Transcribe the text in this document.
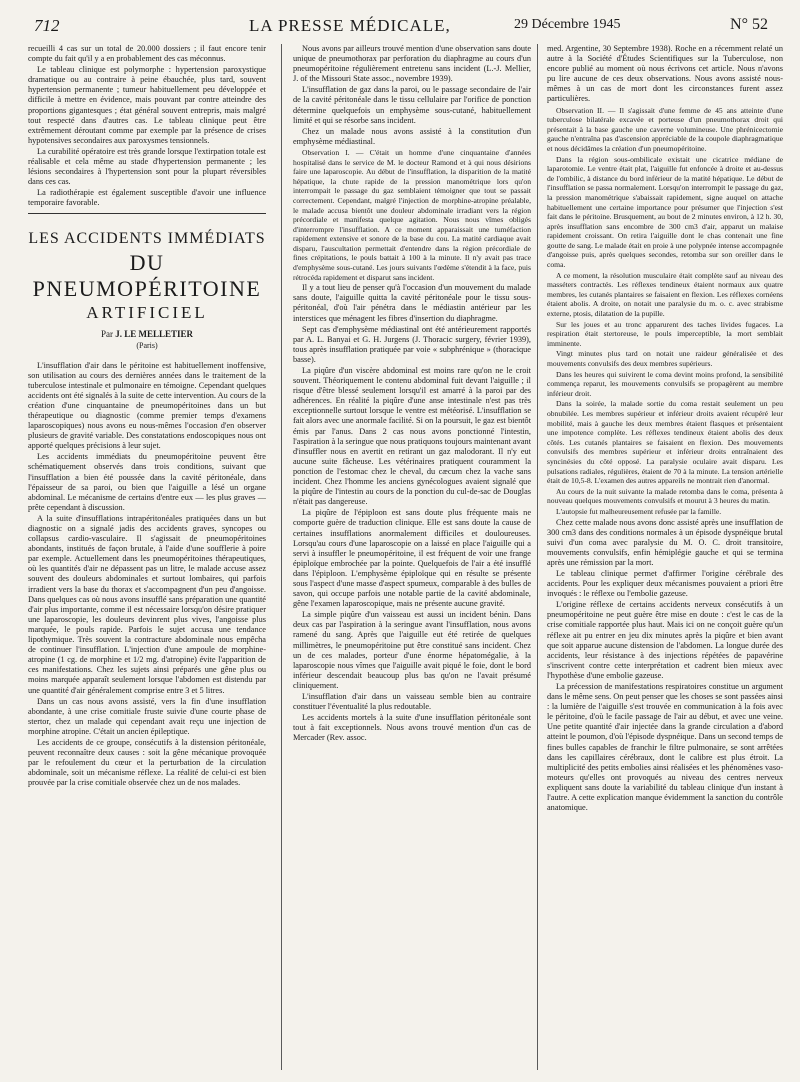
712	LA PRESSE MÉDICALE,	29 Décembre 1945	N° 52

recueilli 4 cas sur un total de 20.000 dossiers ; il faut encore tenir compte du fait qu'il y a en probablement des cas méconnus.

Le tableau clinique est polymorphe : hypertension paroxystique dramatique ou au contraire à peine ébauchée, plus tard, souvent hypertension permanente ; tumeur habituellement peu développée et difficile à mettre en évidence, mais pouvant par contre atteindre des proportions gigantesques ; état général souvent entrepris, mais malgré tout respecté dans d'autres cas. Le tableau clinique peut être extrêmement déroutant comme par exemple par la présence de crises hypotensives secondaires aux paroxysmes tensionnels.

La curabilité opératoire est très grande lorsque l'extirpation totale est réalisable et cela même au stade d'hypertension permanente ; les lésions secondaires à l'hypertension sont pour la plupart réversibles dans ces cas.

La radiothérapie est également susceptible d'avoir une influence temporaire favorable.

LES ACCIDENTS IMMÉDIATS
DU PNEUMOPÉRITOINE
ARTIFICIEL
Par J. LE MELLETIER
(Paris)

L'insufflation d'air dans le péritoine est habituellement inoffensive, son utilisation au cours des dernières années dans le traitement de la tuberculose intestinale et pulmonaire en témoigne. Cependant quelques accidents ont été signalés à la suite de cette intervention. Au cours de la création d'une cinquantaine de pneumopéritoines dans un but thérapeutique ou diagnostic (comme premier temps d'examens laparoscopiques) nous avons eu nous-mêmes l'occasion d'en observer plusieurs de gravité variable. Des constatations endoscopiques nous ont apporté quelques précisions à leur sujet.

Les accidents immédiats du pneumopéritoine peuvent être schématiquement observés dans trois conditions, suivant que l'insufflation a bien été poussée dans la cavité péritonéale, dans l'épaisseur de sa paroi, ou bien que l'aiguille a lésé un organe abdominal. Le mécanisme de certains d'entre eux — les plus graves — prête cependant à discussion.

A la suite d'insufflations intrapéritonéales pratiquées dans un but diagnostic on a signalé jadis des accidents graves, syncopes ou collapsus cardio-vasculaire. Il s'agissait de pneumopéritoines abondants, institués de façon brutale, à l'aide d'une soufflerie à poire par exemple. Actuellement dans les pneumopéritoines thérapeutiques, où les quantités d'air ne dépassent pas un litre, le malade accuse assez souvent des douleurs abdominales et surtout lombaires, qui parfois irradient vers la base du thorax et s'accompagnent d'un peu d'angoisse. Dans quelques cas où nous avons insufflé sans préparation une quantité d'air plus importante, comme il est nécessaire lorsqu'on désire pratiquer une laparoscopie, les douleurs devinrent plus vives, l'angoisse plus marquée, le pouls rapide. Parfois le sujet accusa une tendance lipothymique. Très souvent la contracture abdominale nous empêcha de continuer l'insufflation. L'injection d'une ampoule de morphine-atropine (1 cg. de morphine et 1/2 mg. d'atropine) évite l'apparition de ces manifestations. Chez les sujets ainsi préparés une gêne plus ou moins marquée apparaît seulement lorsque l'abdomen est distendu par une quantité d'air généralement comprise entre 3 et 5 litres.

Dans un cas nous avons assisté, vers la fin d'une insufflation abondante, à une crise comitiale fruste suivie d'une courte phase de stertor, chez un malade qui cependant avait reçu une injection de morphine atropine. C'était un ancien épileptique.

Les accidents de ce groupe, consécutifs à la distension péritonéale, peuvent reconnaître deux causes : soit la gêne mécanique provoquée par le refoulement du cœur et la perturbation de la circulation abdominale, soit un mécanisme réflexe. La réalité de celui-ci est bien prouvée par la crise comitiale observée chez un de nos malades.

Nous avons par ailleurs trouvé mention d'une observation sans doute unique de pneumothorax par perforation du diaphragme au cours d'un pneumopéritoine régulièrement entretenu sans incident (L.-J. Mellier, J. of the Missouri State assoc., novembre 1939).

L'insufflation de gaz dans la paroi, ou le passage secondaire de l'air de la cavité péritonéale dans le tissu cellulaire par l'orifice de ponction détermine quelquefois un emphysème sous-cutané, habituellement limité et qui se résorbe sans incident.

Chez un malade nous avons assisté à la constitution d'un emphysème médiastinal.

Observation I. — C'était un homme d'une cinquantaine d'années hospitalisé dans le service de M. le docteur Ramond et à qui nous désirions faire une laparoscopie. Au début de l'insufflation, la disparition de la matité hépatique, la chute rapide de la pression manométrique lors qu'on interrompait le passage du gaz semblaient témoigner que tout se passait correctement. Cependant, malgré l'injection de morphine-atropine préalable, le malade accusa bientôt une douleur abdominale irradiant vers la région précordiale et manifesta quelque agitation. Nous nous vîmes obligés d'interrompre l'insufflation. A ce moment apparaissait une tuméfaction rapidement extensive et sonore de la base du cou. La matité cardiaque avait disparu, l'auscultation permettait d'entendre dans la région précordiale de fines crépitations, le pouls battait à 100 à la minute. Il n'y avait pas trace d'emphysème sous-cutané. Les jours suivants l'œdème s'étendit à la face, puis rétrocéda rapidement et disparut sans incident.

Il y a tout lieu de penser qu'à l'occasion d'un mouvement du malade sans doute, l'aiguille quitta la cavité péritonéale pour le tissu sous-péritonéal, d'où l'air pénétra dans le médiastin antérieur par les interstices que ménagent les fibres d'insertion du diaphragme.

Sept cas d'emphysème médiastinal ont été antérieurement rapportés par A. L. Banyai et G. H. Jurgens (J. Thoracic surgery, février 1939), tous après insufflation pratiquée par voie « subphrénique » (thoracique basse).

La piqûre d'un viscère abdominal est moins rare qu'on ne le croit souvent. Théoriquement le contenu abdominal fuit devant l'aiguille ; il risque d'être blessé seulement lorsqu'il est amarré à la paroi par des adhérences. En réalité la piqûre d'une anse intestinale n'est pas très exceptionnelle surtout lorsque le ventre est météorisé. L'insufflation se fait alors avec une anormale facilité. Si on la poursuit, le gaz est bientôt émis par l'anus. Dans 2 cas nous avons ponctionné l'intestin, l'aspiration à la seringue que nous pratiquons toujours maintenant avant d'insuffler nous en avertit en retirant un gaz malodorant. Il n'y eut aucune suite fâcheuse. Les vétérinaires pratiquent couramment la ponction de l'estomac chez le cheval, du cæcum chez la vache sans incident. Chez l'homme les anciens gynécologues avaient signalé que la piqûre de l'intestin au cours de la ponction du cul-de-sac de Douglas n'était pas dangereuse.

La piqûre de l'épiploon est sans doute plus fréquente mais ne comporte guère de traduction clinique. Elle est sans doute la cause de certaines insufflations anormalement difficiles et douloureuses. Lorsqu'au cours d'une laparoscopie on a laissé en place l'aiguille qui a servi à insuffler le pneumopéritoine, il est fréquent de voir une frange épiploïque embrochée par la pointe. Quelquefois de l'air a été insufflé dans l'épiploon. L'emphysème épiploïque qui en résulte se présente sous l'aspect d'une masse d'aspect spumeux, comparable à des bulles de savon, qui occupe parfois une notable partie de la cavité abdominale, gêne l'examen laparoscopique, mais ne présente aucune gravité.

La simple piqûre d'un vaisseau est aussi un incident bénin. Dans deux cas par l'aspiration à la seringue avant l'insufflation, nous avons ramené du sang. Après que l'aiguille eut été retirée de quelques millimètres, le pneumopéritoine put être constitué sans incident. Chez un de ces malades, porteur d'une énorme hépatomégalie, à la laparoscopie nous vîmes que l'aiguille avait piqué le foie, dont le bord inférieur descendait beaucoup plus bas qu'on ne l'avait présumé cliniquement.

L'insufflation d'air dans un vaisseau semble bien au contraire constituer l'éventualité la plus redoutable.

Les accidents mortels à la suite d'une insufflation péritonéale sont tout à fait exceptionnels. Nous avons trouvé mention d'un cas de Mercader (Rev. assoc.

med. Argentine, 30 Septembre 1938). Roche en a récemment relaté un autre à la Société d'Études Scientifiques sur la Tuberculose, non encore publié au moment où nous écrivons cet article. Nous n'avons pu lire aucune de ces deux observations. Nous avons assisté nous-mêmes à un cas de mort dont les circonstances furent assez particulières.

Observation II. — Il s'agissait d'une femme de 45 ans atteinte d'une tuberculose bilatérale excavée et porteuse d'un pneumothorax droit qui présentait à la base gauche une caverne volumineuse. Une phrénicectomie gauche n'entraîna pas d'ascension appréciable de la coupole diaphragmatique et nous décidâmes la création d'un pneumopéritoine.

Dans la région sous-ombilicale existait une cicatrice médiane de laparotomie. Le ventre était plat, l'aiguille fut enfoncée à droite et au-dessus de l'ombilic, à distance du bord inférieur de la matité hépatique. Le début de l'insufflation se passa normalement. Lorsqu'on interrompit le passage du gaz, la pression manométrique s'abaissait rapidement, signe auquel on attache habituellement une certaine importance pour présumer que l'injection s'est fait dans le péritoine. Brusquement, au bout de 2 minutes environ, à 12 h. 30, après insufflation sans encombre de 300 cm3 d'air, apparut un malaise rapidement croissant. On retira l'aiguille dont le chas contenait une fine goutte de sang. Le malade était en proie à une polypnée intense accompagnée d'angoisse puis, après quelques secondes, retomba sur son oreiller dans le coma.

A ce moment, la résolution musculaire était complète sauf au niveau des masséters contractés. Les réflexes tendineux étaient normaux aux quatre membres, les cutanés plantaires se faisaient en flexion. Les réflexes cornéens étaient abolis. A droite, on notait une paralysie du m. o. c. avec strabisme externe, ptosis, dilatation de la pupille.

Sur les joues et au tronc apparurent des taches livides fugaces. La respiration était stertoreuse, le pouls imperceptible, la mort semblait imminente.

Vingt minutes plus tard on notait une raideur généralisée et des mouvements convulsifs des deux membres supérieurs.

Dans les heures qui suivirent le coma devint moins profond, la sensibilité commença reparut, les mouvements convulsifs se propagèrent au membre inférieur droit.

Dans la soirée, la malade sortie du coma restait seulement un peu obnubilée. Les membres supérieur et inférieur droits avaient récupéré leur mobilité, mais à gauche les deux membres étaient flasques et présentaient une impotence complète. Les réflexes tendineux étaient abolis des deux côtés. Les cutanés plantaires se faisaient en flexion. Des mouvements convulsifs des membres supérieur et inférieur droits entraînaient des syncinésies du côté opposé. La paralysie oculaire avait disparu. Les pulsations radiales, régulières, étaient de 70 à la minute. La tension artérielle était de 10,5-8. L'examen des autres appareils ne montrait rien d'anormal.

Au cours de la nuit suivante la malade retomba dans le coma, présenta à nouveau quelques mouvements convulsifs et mourut à 3 heures du matin.

L'autopsie fut malheureusement refusée par la famille.

Chez cette malade nous avons donc assisté après une insufflation de 300 cm3 dans des conditions normales à un épisode dyspnéique brutal suivi d'un coma avec paralysie du M. O. C. droit transitoire, mouvements convulsifs, enfin hémiplégie gauche et qui se termina après une rémission par la mort.

Le tableau clinique permet d'affirmer l'origine cérébrale des accidents. Pour les expliquer deux mécanismes pouvaient a priori être invoqués : le réflexe ou l'embolie gazeuse.

L'origine réflexe de certains accidents nerveux consécutifs à un pneumopéritoine ne peut guère être mise en doute : c'est le cas de la crise comitiale rapportée plus haut. Mais ici on ne conçoit guère qu'un réflexe ait pu entrer en jeu dix minutes après la piqûre et bien avant que soit apparue aucune distension de l'abdomen. La longue durée des accidents, leur résistance à des injections répétées de papavérine s'inscrivent contre cette interprétation et cadrent bien mieux avec l'hypothèse d'une embolie gazeuse.

La précession de manifestations respiratoires constitue un argument dans le même sens. On peut penser que les choses se sont passées ainsi : la lumière de l'aiguille s'est trouvée en communication à la fois avec le péritoine, d'où le facile passage de l'air au début, et avec une veine. Une petite quantité d'air injectée dans la grande circulation a d'abord atteint le poumon, d'où l'épisode dyspnéique. Dans un second temps de fines bulles capables de franchir le filtre pulmonaire, se sont arrêtées dans les capillaires cérébraux, dont le calibre est plus étroit. La multiplicité des petits embolies ainsi réalisées et les phénomènes vaso-moteurs qu'elles ont provoqués au niveau des centres nerveux expliquent sans doute la variabilité du tableau clinique d'un instant à l'autre. A cette explication manque évidemment la sanction du contrôle anatomique.
